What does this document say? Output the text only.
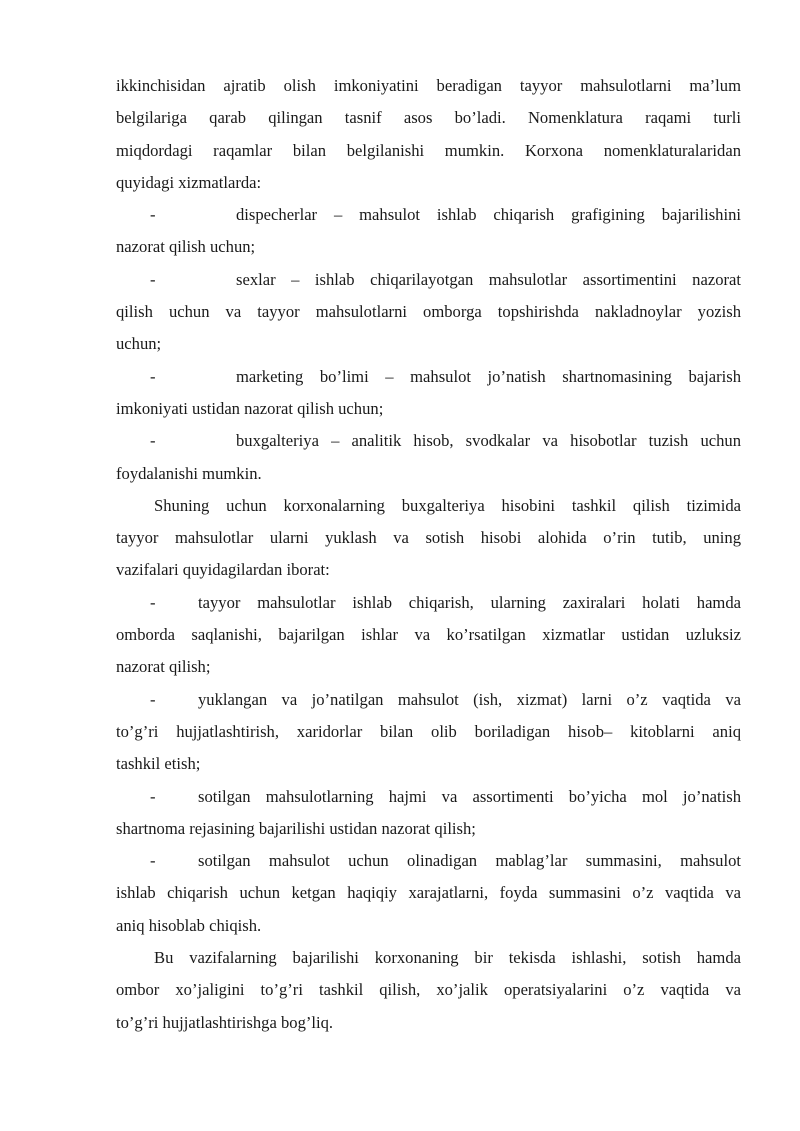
ikkinchisidan ajratib olish imkoniyatini beradigan tayyor mahsulotlarni ma’lum
belgilariga qarab qilingan tasnif asos bo’ladi. Nomenklatura raqami turli
miqdordagi raqamlar bilan belgilanishi mumkin. Korxona nomenklaturalaridan
quyidagi xizmatlarda:

-	dispecherlar – mahsulot ishlab chiqarish grafigining bajarilishini
nazorat qilish uchun;
-	sexlar – ishlab chiqarilayotgan mahsulotlar assortimentini nazorat
qilish uchun va tayyor mahsulotlarni omborga topshirishda nakladnoylar yozish
uchun;
-	marketing bo’limi – mahsulot jo’natish shartnomasining bajarish
imkoniyati ustidan nazorat qilish uchun;
-	buxgalteriya – analitik hisob, svodkalar va hisobotlar tuzish uchun
foydalanishi mumkin.

Shuning uchun korxonalarning buxgalteriya hisobini tashkil qilish tizimida
tayyor mahsulotlar ularni yuklash va sotish hisobi alohida o’rin tutib, uning
vazifalari quyidagilardan iborat:

-	tayyor mahsulotlar ishlab chiqarish, ularning zaxiralari holati hamda
omborda saqlanishi, bajarilgan ishlar va ko’rsatilgan xizmatlar ustidan uzluksiz
nazorat qilish;
-	yuklangan va jo’natilgan mahsulot (ish, xizmat) larni o’z vaqtida va
to’g’ri hujjatlashtirish, xaridorlar bilan olib boriladigan hisob– kitoblarni aniq
tashkil etish;
-	sotilgan mahsulotlarning hajmi va assortimenti bo’yicha mol jo’natish
shartnoma rejasining bajarilishi ustidan nazorat qilish;
-	sotilgan mahsulot uchun olinadigan mablag’lar summasini, mahsulot
ishlab chiqarish uchun ketgan haqiqiy xarajatlarni, foyda summasini o’z vaqtida va
aniq hisoblab chiqish.

Bu vazifalarning bajarilishi korxonaning bir tekisda ishlashi, sotish hamda
ombor xo’jaligini to’g’ri tashkil qilish, xo’jalik operatsiyalarini o’z vaqtida va
to’g’ri hujjatlashtirishga bog’liq.
